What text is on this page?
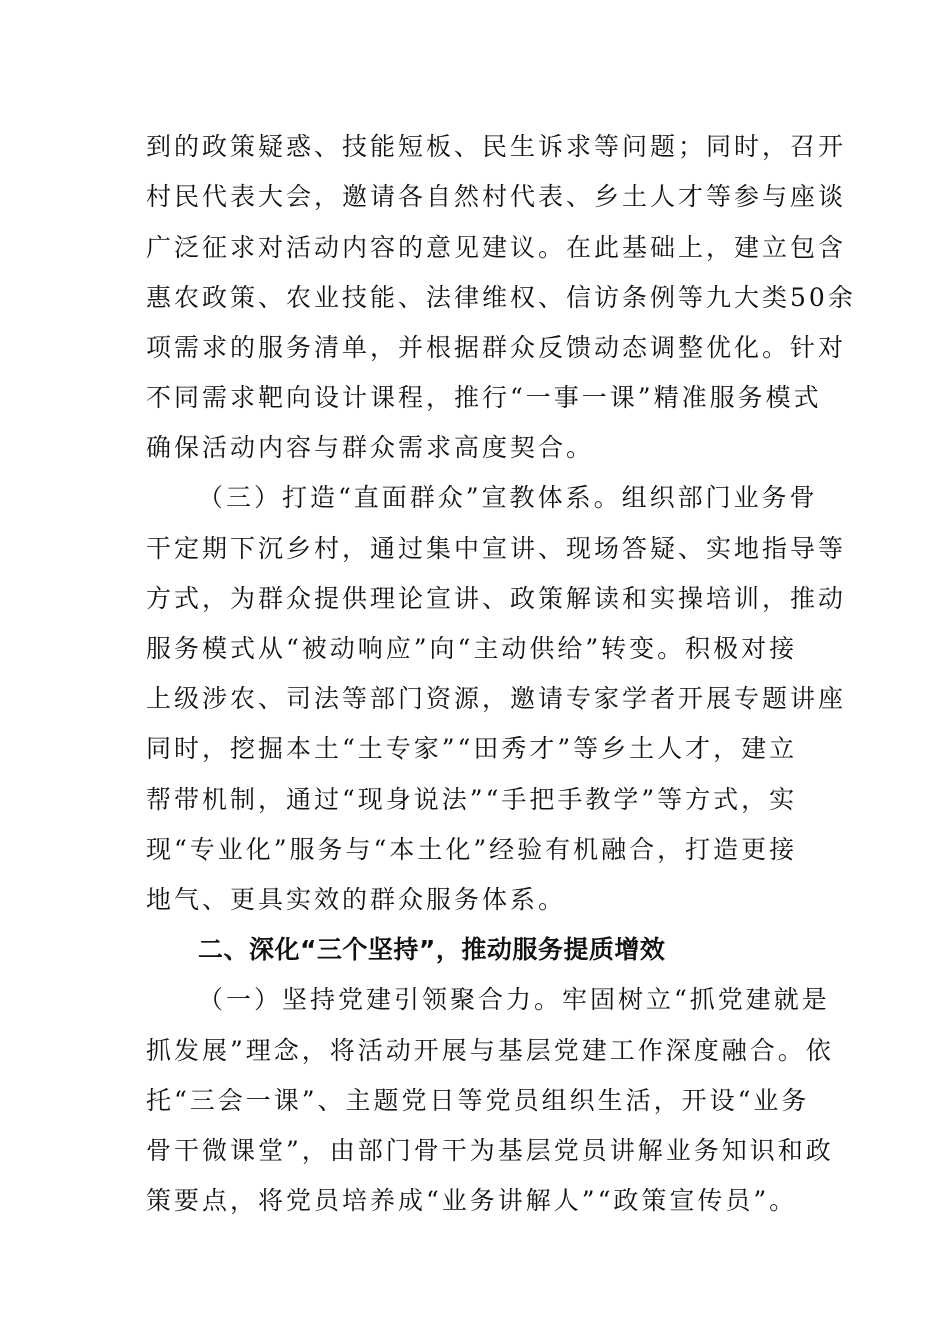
到的政策疑惑、技能短板、民生诉求等问题；同时，召开
村民代表大会，邀请各自然村代表、乡土人才等参与座谈
广泛征求对活动内容的意见建议。在此基础上，建立包含
惠农政策、农业技能、法律维权、信访条例等九大类50余
项需求的服务清单，并根据群众反馈动态调整优化。针对
不同需求靶向设计课程，推行“一事一课”精准服务模式
确保活动内容与群众需求高度契合。
（三）打造“直面群众”宣教体系。组织部门业务骨
干定期下沉乡村，通过集中宣讲、现场答疑、实地指导等
方式，为群众提供理论宣讲、政策解读和实操培训，推动
服务模式从“被动响应”向“主动供给”转变。积极对接
上级涉农、司法等部门资源，邀请专家学者开展专题讲座
同时，挖掘本土“土专家”“田秀才”等乡土人才，建立
帮带机制，通过“现身说法”“手把手教学”等方式，实
现“专业化”服务与“本土化”经验有机融合，打造更接
地气、更具实效的群众服务体系。
二、深化“三个坚持”，推动服务提质增效
（一）坚持党建引领聚合力。牢固树立“抓党建就是
抓发展”理念，将活动开展与基层党建工作深度融合。依
托“三会一课”、主题党日等党员组织生活，开设“业务
骨干微课堂”，由部门骨干为基层党员讲解业务知识和政
策要点，将党员培养成“业务讲解人”“政策宣传员”。
